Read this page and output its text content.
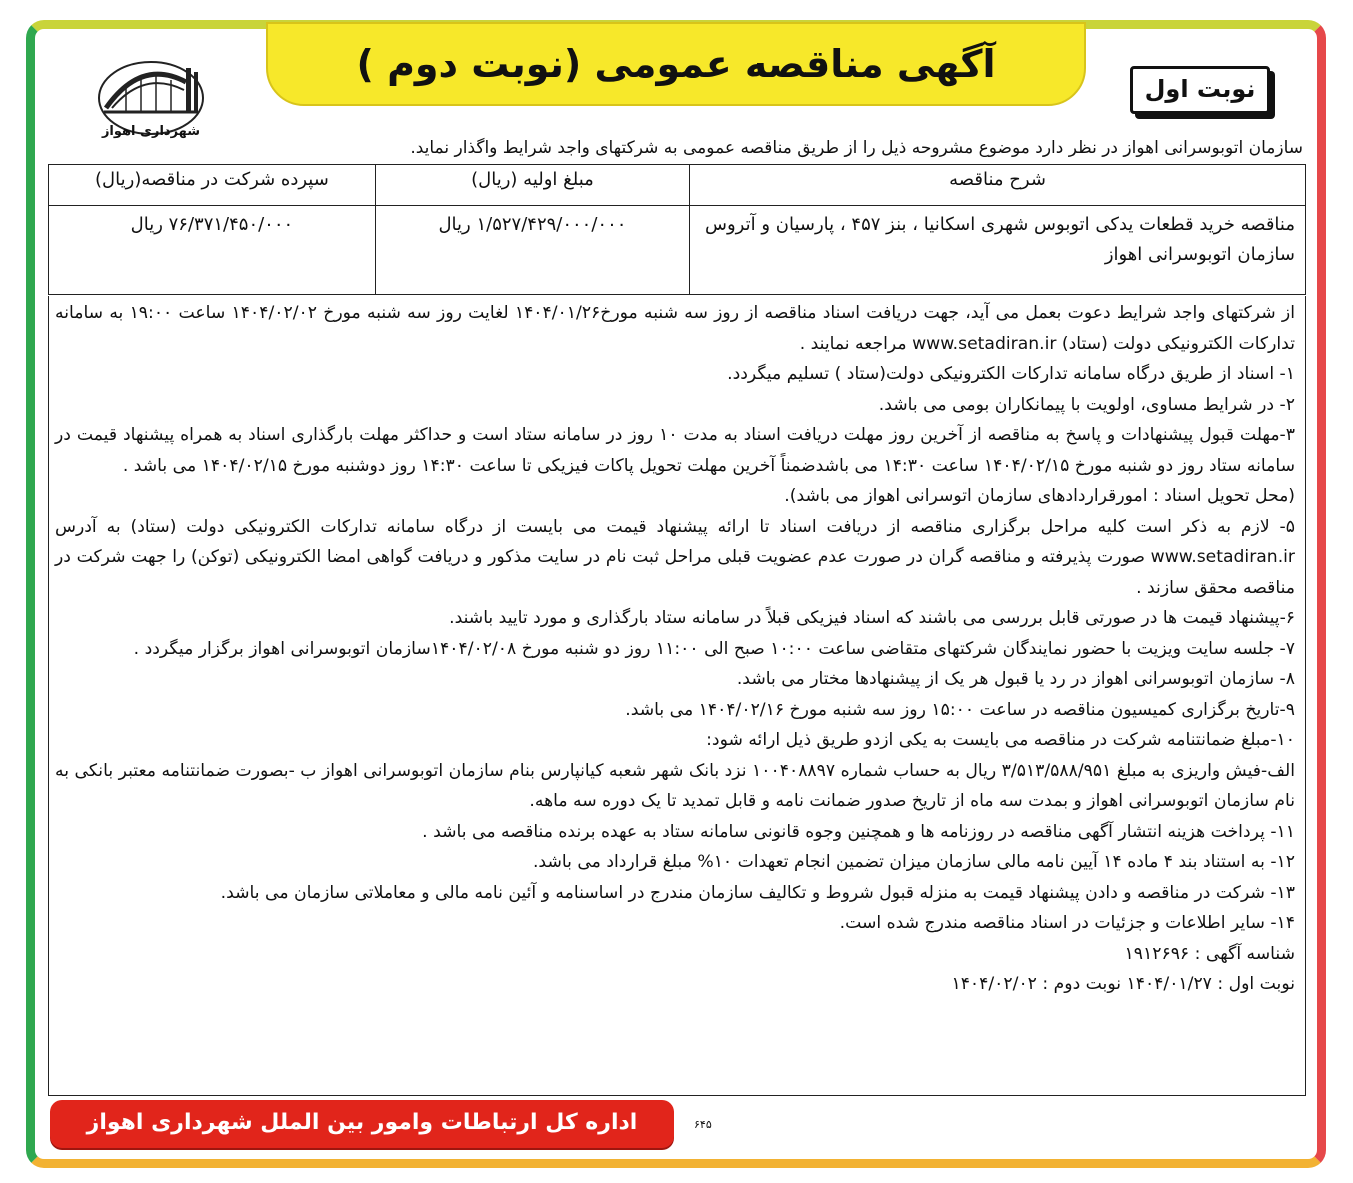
آگهی مناقصه عمومی (نوبت دوم )
نوبت اول
شهرداری اهواز
سازمان اتوبوسرانی اهواز در نظر دارد موضوع مشروحه ذیل را از طریق مناقصه عمومی به شرکتهای واجد شرایط واگذار نماید.
شرح مناقصه	مبلغ اولیه (ریال)	سپرده شرکت در مناقصه(ریال)
مناقصه خرید قطعات یدکی اتوبوس شهری اسکانیا ، بنز ۴۵۷ ، پارسیان و آتروس سازمان اتوبوسرانی اهواز	۱/۵۲۷/۴۲۹/۰۰۰/۰۰۰ ریال	۷۶/۳۷۱/۴۵۰/۰۰۰ ریال

از شرکتهای واجد شرایط دعوت بعمل می آید، جهت دریافت اسناد مناقصه از روز سه شنبه مورخ۱۴۰۴/۰۱/۲۶ لغایت روز سه شنبه مورخ ۱۴۰۴/۰۲/۰۲ ساعت ۱۹:۰۰ به سامانه تدارکات الکترونیکی دولت (ستاد) www.setadiran.ir مراجعه نمایند .

۱- اسناد از طریق درگاه سامانه تدارکات الکترونیکی دولت(ستاد ) تسلیم میگردد.

۲- در شرایط مساوی، اولویت با پیمانکاران بومی می باشد.

۳-مهلت قبول پیشنهادات و پاسخ به مناقصه از آخرین روز مهلت دریافت اسناد به مدت ۱۰ روز در سامانه ستاد است و حداکثر مهلت بارگذاری اسناد به همراه پیشنهاد قیمت در سامانه ستاد روز دو شنبه مورخ ۱۴۰۴/۰۲/۱۵ ساعت ۱۴:۳۰ می باشدضمناً آخرین مهلت تحویل پاکات فیزیکی تا ساعت ۱۴:۳۰ روز دوشنبه مورخ ۱۴۰۴/۰۲/۱۵ می باشد .

(محل تحویل اسناد : امورقراردادهای سازمان اتوسرانی اهواز می باشد).

۵- لازم به ذکر است کلیه مراحل برگزاری مناقصه از دریافت اسناد تا ارائه پیشنهاد قیمت می بایست از درگاه سامانه تدارکات الکترونیکی دولت (ستاد) به آدرس www.setadiran.ir صورت پذیرفته و مناقصه گران در صورت عدم عضویت قبلی مراحل ثبت نام در سایت مذکور و دریافت گواهی امضا الکترونیکی (توکن) را جهت شرکت در مناقصه محقق سازند .

۶-پیشنهاد قیمت ها در صورتی قابل بررسی می باشند که اسناد فیزیکی قبلاً در سامانه ستاد بارگذاری و مورد تایید باشند.

۷- جلسه سایت ویزیت با حضور نمایندگان شرکتهای متقاضی ساعت ۱۰:۰۰ صبح الی ۱۱:۰۰ روز دو شنبه مورخ ۱۴۰۴/۰۲/۰۸سازمان اتوبوسرانی اهواز برگزار میگردد .

۸- سازمان اتوبوسرانی اهواز در رد یا قبول هر یک از پیشنهادها مختار می باشد.

۹-تاریخ برگزاری کمیسیون مناقصه در ساعت ۱۵:۰۰ روز سه شنبه مورخ ۱۴۰۴/۰۲/۱۶ می باشد.

۱۰-مبلغ ضمانتنامه شرکت در مناقصه می بایست به یکی ازدو طریق ذیل ارائه شود:

الف-فیش واریزی به مبلغ ۳/۵۱۳/۵۸۸/۹۵۱ ریال به حساب شماره ۱۰۰۴۰۸۸۹۷ نزد بانک شهر شعبه کیانپارس بنام سازمان اتوبوسرانی اهواز ب -بصورت ضمانتنامه معتبر بانکی به نام سازمان اتوبوسرانی اهواز و بمدت سه ماه از تاریخ صدور ضمانت نامه و قابل تمدید تا یک دوره سه ماهه.

۱۱- پرداخت هزینه انتشار آگهی مناقصه در روزنامه ها و همچنین وجوه قانونی سامانه ستاد به عهده برنده مناقصه می باشد .

۱۲- به استناد بند ۴ ماده ۱۴ آیین نامه مالی سازمان میزان تضمین انجام تعهدات ۱۰% مبلغ قرارداد می باشد.

۱۳- شرکت در مناقصه و دادن پیشنهاد قیمت به منزله قبول شروط و تکالیف سازمان مندرج در اساسنامه و آئین نامه مالی و معاملاتی سازمان می باشد.

۱۴- سایر اطلاعات و جزئیات در اسناد مناقصه مندرج شده است.

شناسه آگهی : ۱۹۱۲۶۹۶

نوبت اول : ۱۴۰۴/۰۱/۲۷ نوبت دوم : ۱۴۰۴/۰۲/۰۲

اداره کل ارتباطات وامور بین الملل شهرداری اهواز	۶۴۵
